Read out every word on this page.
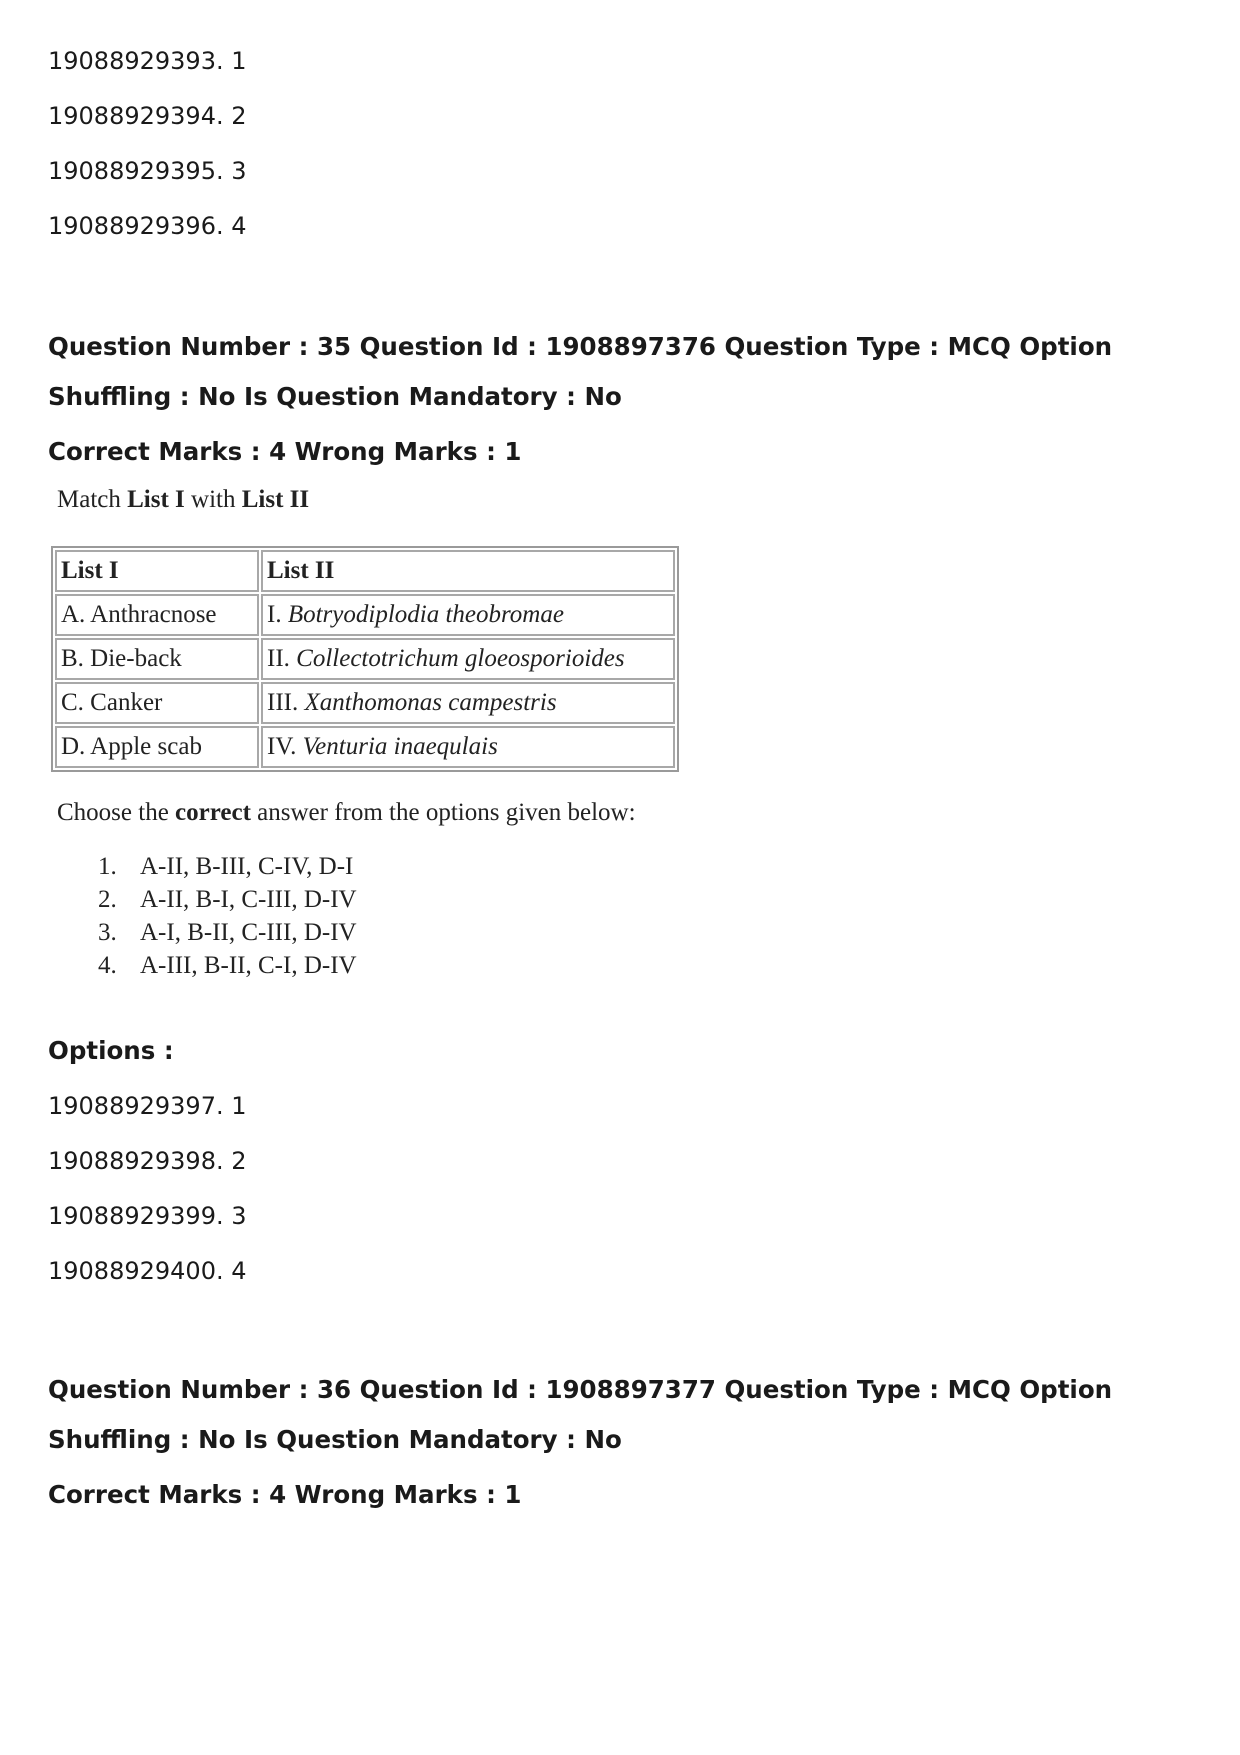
19088929393. 1
19088929394. 2
19088929395. 3
19088929396. 4
Question Number : 35 Question Id : 1908897376 Question Type : MCQ Option Shuffling : No Is Question Mandatory : No
Correct Marks : 4 Wrong Marks : 1
Match List I with List II
List I	List II
A. Anthracnose	I. Botryodiplodia theobromae
B. Die-back	II. Collectotrichum gloeosporioides
C. Canker	III. Xanthomonas campestris
D. Apple scab	IV. Venturia inaequlais
Choose the correct answer from the options given below:
1. A-II, B-III, C-IV, D-I
2. A-II, B-I, C-III, D-IV
3. A-I, B-II, C-III, D-IV
4. A-III, B-II, C-I, D-IV
Options :
19088929397. 1
19088929398. 2
19088929399. 3
19088929400. 4
Question Number : 36 Question Id : 1908897377 Question Type : MCQ Option Shuffling : No Is Question Mandatory : No
Correct Marks : 4 Wrong Marks : 1
